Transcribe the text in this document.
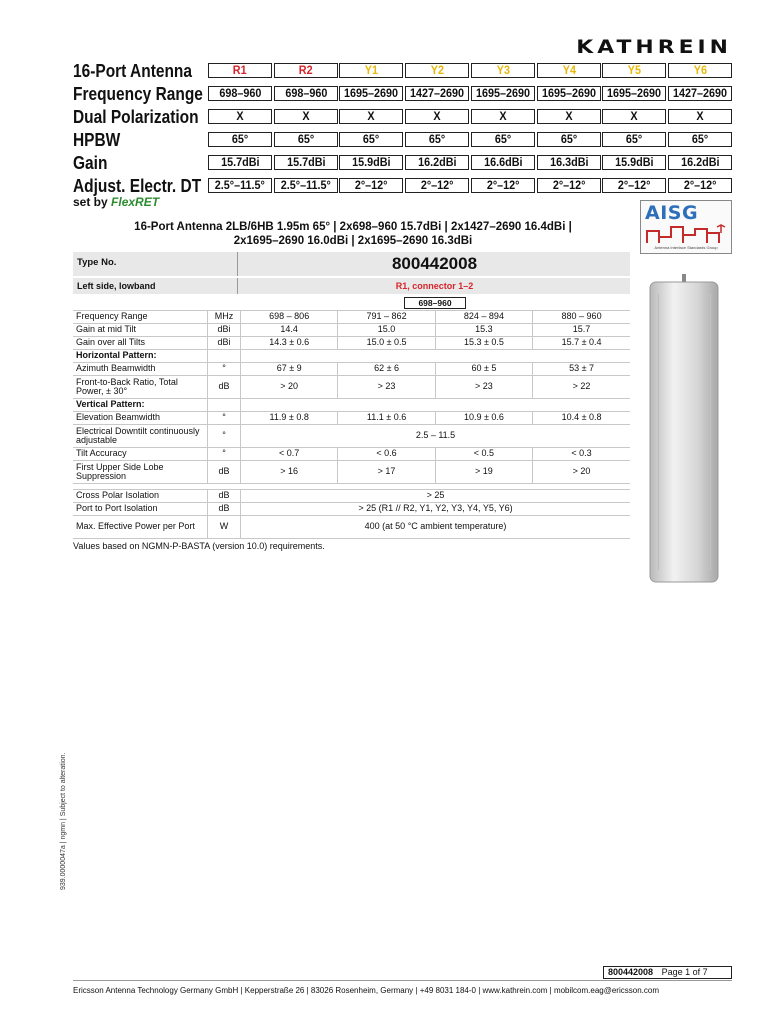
KATHREIN
16-Port Antenna	R1	R2	Y1	Y2	Y3	Y4	Y5	Y6
Frequency Range	698–960	698–960	1695–2690 1427–2690 1695–2690 1695–2690 1695–2690 1427–2690
Dual Polarization	X	X	X	X	X	X	X	X
HPBW	65°	65°	65°	65°	65°	65°	65°	65°
Gain	15.7dBi	15.7dBi	15.9dBi	16.2dBi	16.6dBi	16.3dBi	15.9dBi	16.2dBi
Adjust. Electr. DT	2.5°–11.5°	2.5°–11.5°	2°–12°	2°–12°	2°–12°	2°–12°	2°–12°	2°–12°
set by FlexRET	AISG
Antenna Interface Standards Group
16-Port Antenna 2LB/6HB 1.95m 65° | 2x698–960 15.7dBi | 2x1427–2690 16.4dBi |
2x1695–2690 16.0dBi | 2x1695–2690 16.3dBi
Type No.	800442008
Left side, lowband	R1, connector 1–2
698–960
Frequency Range	MHz	698 – 806	791 – 862	824 – 894	880 – 960
Gain at mid Tilt	dBi	14.4	15.0	15.3	15.7
Gain over all Tilts	dBi	14.3 ± 0.6	15.0 ± 0.5	15.3 ± 0.5	15.7 ± 0.4
Horizontal Pattern:					
Azimuth Beamwidth	°	67 ± 9	62 ± 6	60 ± 5	53 ± 7
Front-to-Back Ratio, Total Power, ± 30°	dB	> 20	> 23	> 23	> 22
Vertical Pattern:					
Elevation Beamwidth	°	11.9 ± 0.8	11.1 ± 0.6	10.9 ± 0.6	10.4 ± 0.8
Electrical Downtilt continuously adjustable	°	2.5 – 11.5			
Tilt Accuracy	°	< 0.7	< 0.6	< 0.5	< 0.3
First Upper Side Lobe Suppression	dB	> 16	> 17	> 19	> 20

Cross Polar Isolation	dB	> 25			
Port to Port Isolation	dB	> 25 (R1 // R2, Y1, Y2, Y3, Y4, Y5, Y6)			
Max. Effective Power per Port	W	400 (at 50 °C ambient temperature)			
Values based on NGMN-P-BASTA (version 10.0) requirements.
939.0000047a | ngmn | Subject to alteration.
800442008 Page 1 of 7
Ericsson Antenna Technology Germany GmbH | Kepperstraße 26 | 83026 Rosenheim, Germany | +49 8031 184-0 | www.kathrein.com | mobilcom.eag@ericsson.com
